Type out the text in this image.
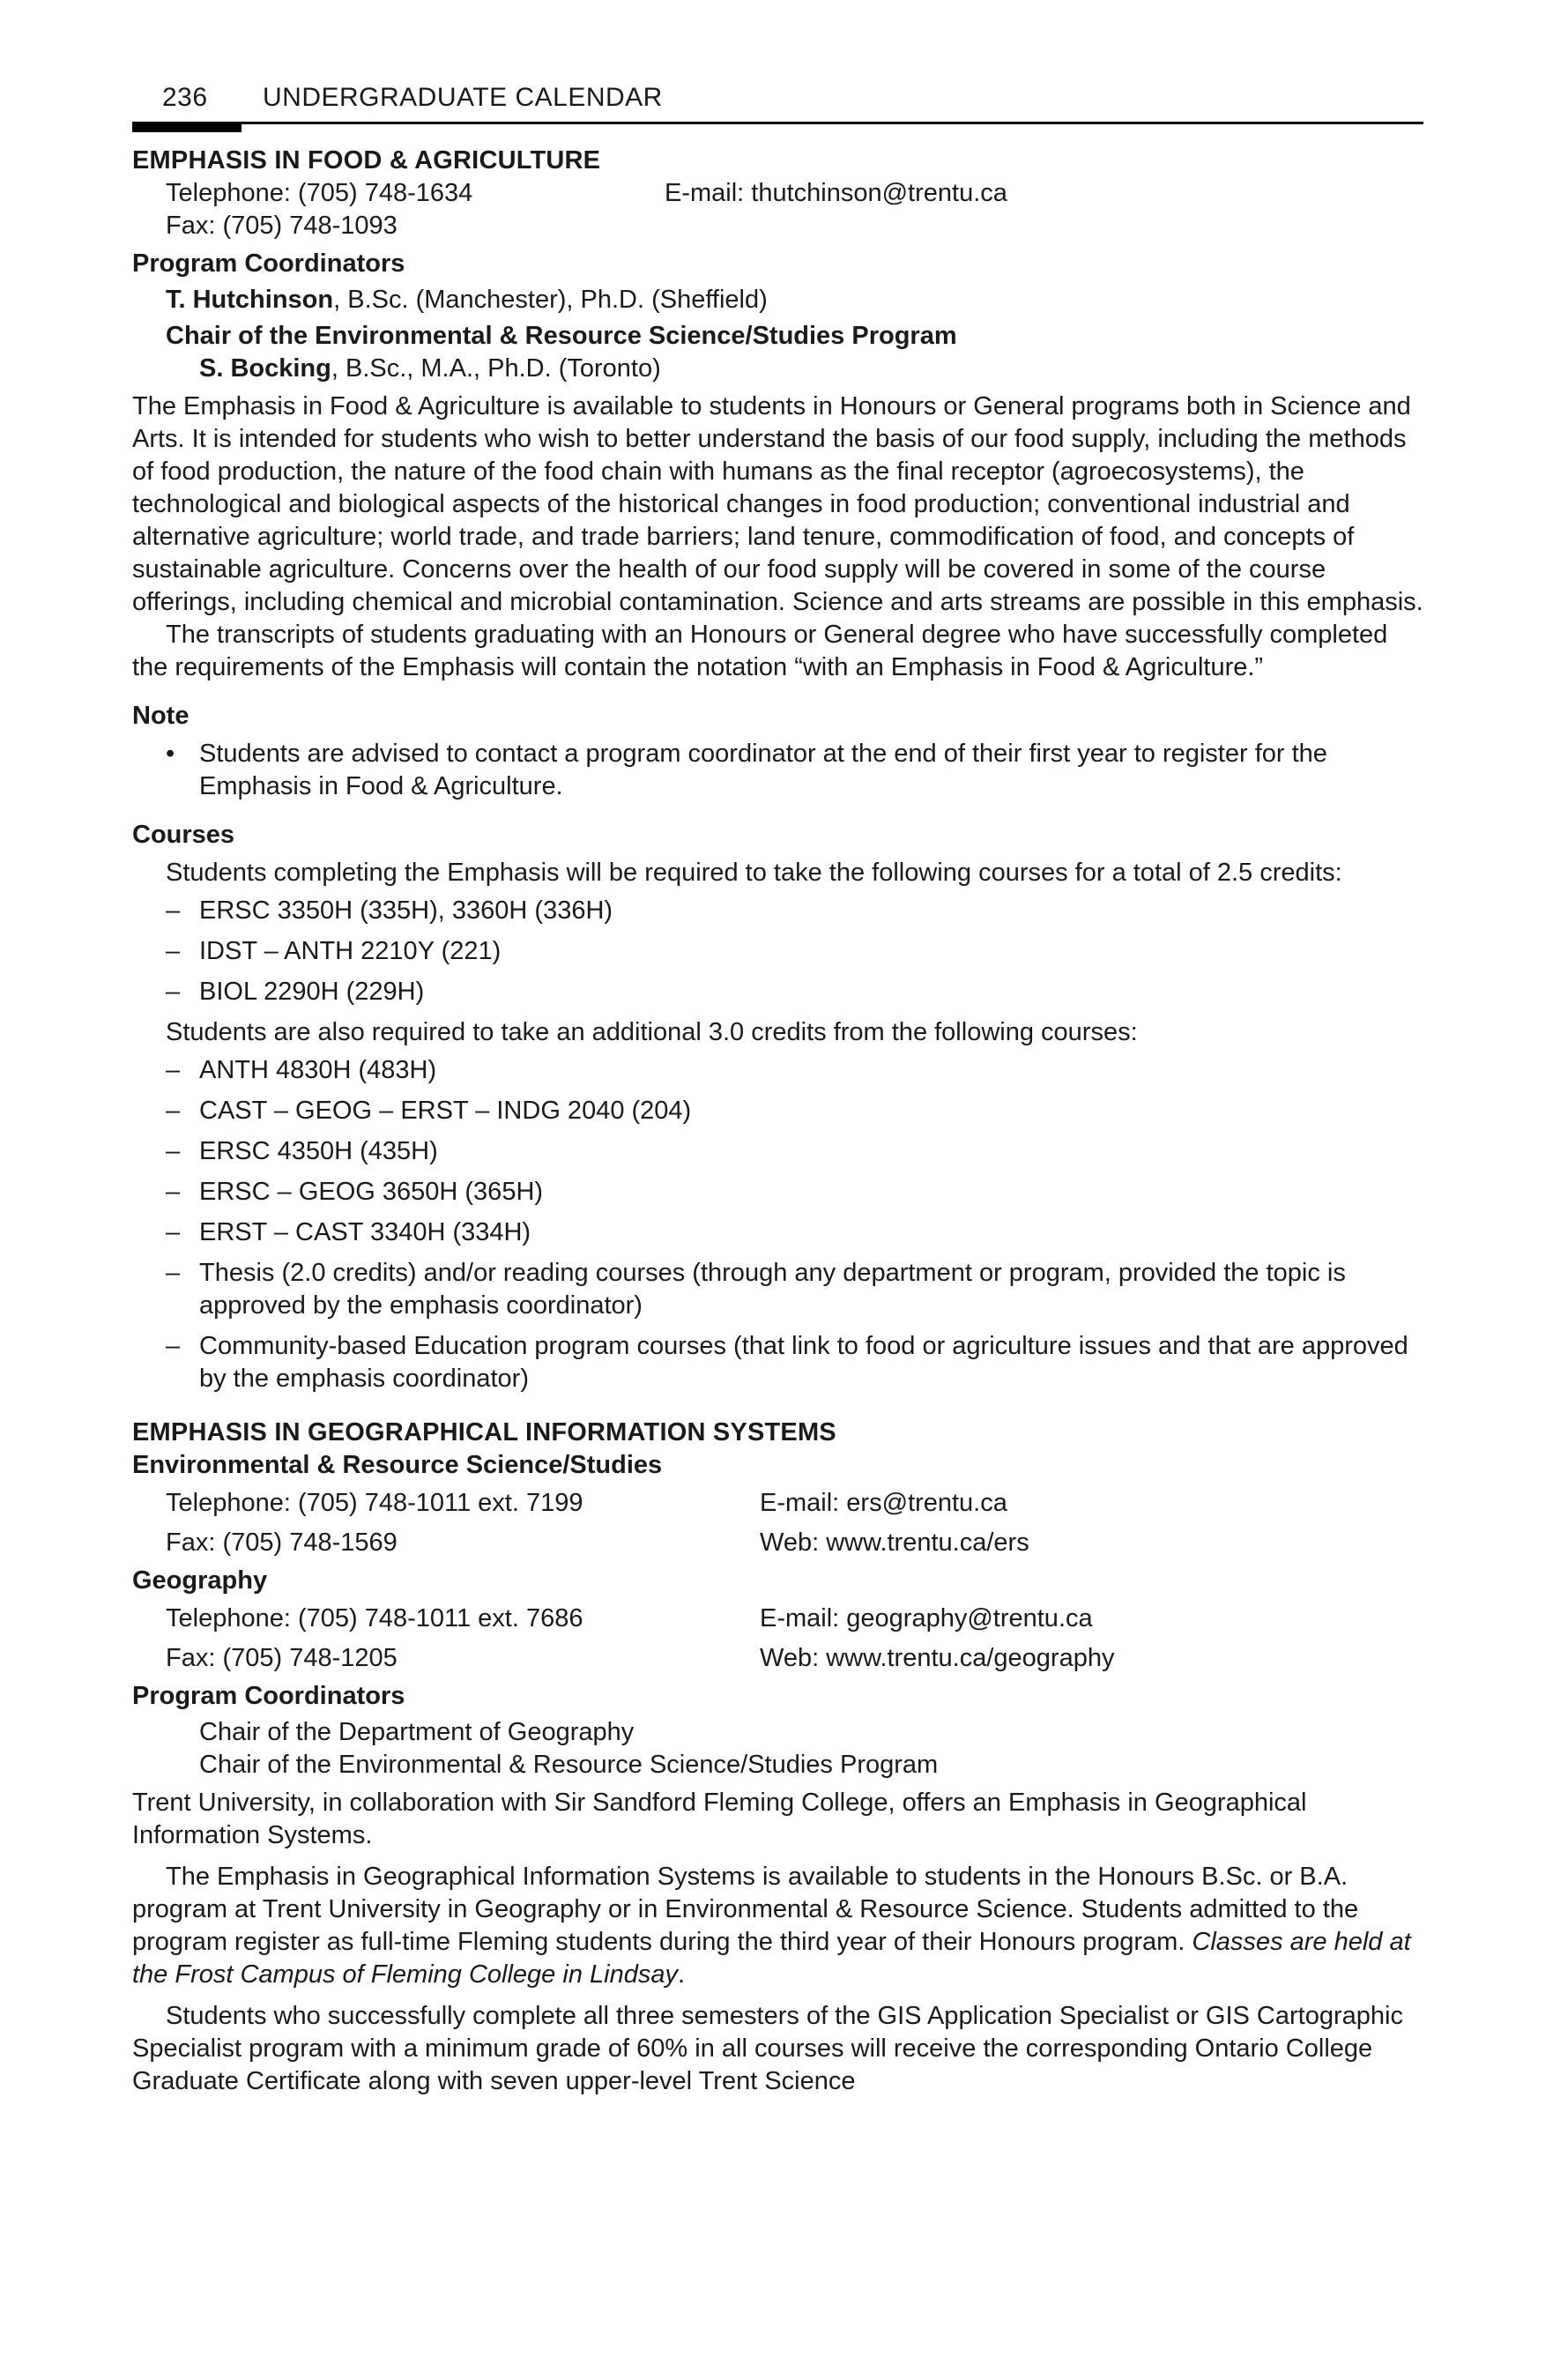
236 UNDERGRADUATE CALENDAR
EMPHASIS IN FOOD & AGRICULTURE
Telephone: (705) 748-1634	E-mail: thutchinson@trentu.ca
Fax: (705) 748-1093
Program Coordinators
T. Hutchinson, B.Sc. (Manchester), Ph.D. (Sheffield)
Chair of the Environmental & Resource Science/Studies Program
S. Bocking, B.Sc., M.A., Ph.D. (Toronto)

The Emphasis in Food & Agriculture is available to students in Honours or General programs both in Science and Arts. It is intended for students who wish to better understand the basis of our food supply, including the methods of food production, the nature of the food chain with humans as the final receptor (agroecosystems), the technological and biological aspects of the historical changes in food production; conventional industrial and alternative agriculture; world trade, and trade barriers; land tenure, commodification of food, and concepts of sustainable agriculture. Concerns over the health of our food supply will be covered in some of the course offerings, including chemical and microbial contamination. Science and arts streams are possible in this emphasis.

The transcripts of students graduating with an Honours or General degree who have successfully completed the requirements of the Emphasis will contain the notation “with an Emphasis in Food & Agriculture.”

Note
• Students are advised to contact a program coordinator at the end of their first year to register for the Emphasis in Food & Agriculture.
Courses

Students completing the Emphasis will be required to take the following courses for a total of 2.5 credits:

– ERSC 3350H (335H), 3360H (336H)
– IDST – ANTH 2210Y (221)
– BIOL 2290H (229H)

Students are also required to take an additional 3.0 credits from the following courses:

– ANTH 4830H (483H)
– CAST – GEOG – ERST – INDG 2040 (204)
– ERSC 4350H (435H)
– ERSC – GEOG 3650H (365H)
– ERST – CAST 3340H (334H)
– Thesis (2.0 credits) and/or reading courses (through any department or program, provided the topic is approved by the emphasis coordinator)
– Community-based Education program courses (that link to food or agriculture issues and that are approved by the emphasis coordinator)
EMPHASIS IN GEOGRAPHICAL INFORMATION SYSTEMS
Environmental & Resource Science/Studies
Telephone: (705) 748-1011 ext. 7199	E-mail: ers@trentu.ca
Fax: (705) 748-1569	Web: www.trentu.ca/ers
Geography
Telephone: (705) 748-1011 ext. 7686	E-mail: geography@trentu.ca
Fax: (705) 748-1205	Web: www.trentu.ca/geography
Program Coordinators
Chair of the Department of Geography
Chair of the Environmental & Resource Science/Studies Program

Trent University, in collaboration with Sir Sandford Fleming College, offers an Emphasis in Geographical Information Systems.

The Emphasis in Geographical Information Systems is available to students in the Honours B.Sc. or B.A. program at Trent University in Geography or in Environmental & Resource Science. Students admitted to the program register as full-time Fleming students during the third year of their Honours program. Classes are held at the Frost Campus of Fleming College in Lindsay.

Students who successfully complete all three semesters of the GIS Application Specialist or GIS Cartographic Specialist program with a minimum grade of 60% in all courses will receive the corresponding Ontario College Graduate Certificate along with seven upper-level Trent Science
